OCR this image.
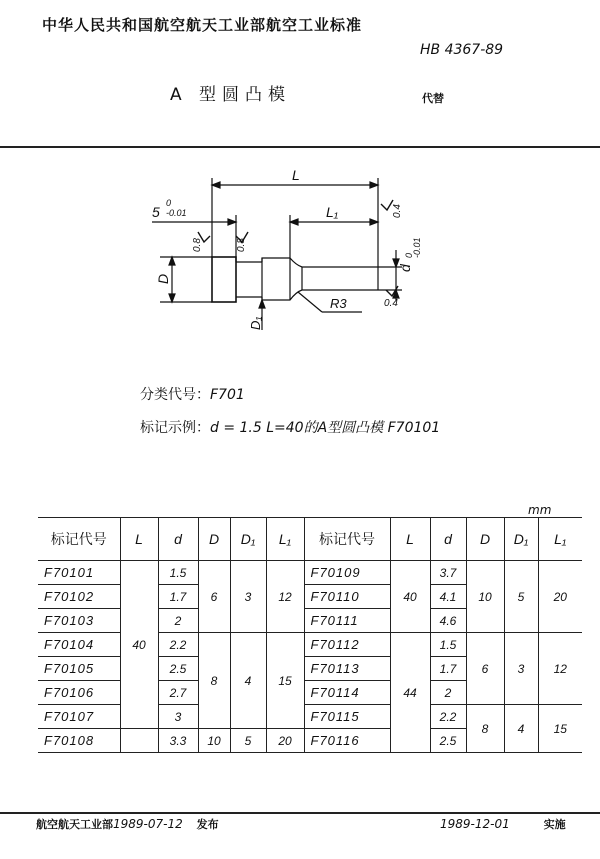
中华人民共和国航空航天工业部航空工业标准
HB 4367-89
A 型圆凸模	代替
L
L₁
5
0
-0.01
D
D₁
d
0
-0.01
R3
0.8	0.8
0.4
0.4
分类代号：F701
标记示例：d = 1.5 L=40的A型圆凸模 F70101
mm
标记代号	L	d	D	D₁	L₁	标记代号	L	d	D	D₁	L₁
F70101	40	1.5	6	3	12	F70109	40	3.7	10	5	20
F70102		1.7				F70110		4.1			
F70103		2				F70111		4.6			
F70104		2.2	8	4	15	F70112	44	1.5	6	3	12
F70105		2.5				F70113		1.7			
F70106		2.7				F70114		2			
F70107		3				F70115		2.2	8	4	15
F70108		3.3	10	5	20	F70116		2.5			
航空航天工业部1989-07-12 发布	1989-12-01	实施
